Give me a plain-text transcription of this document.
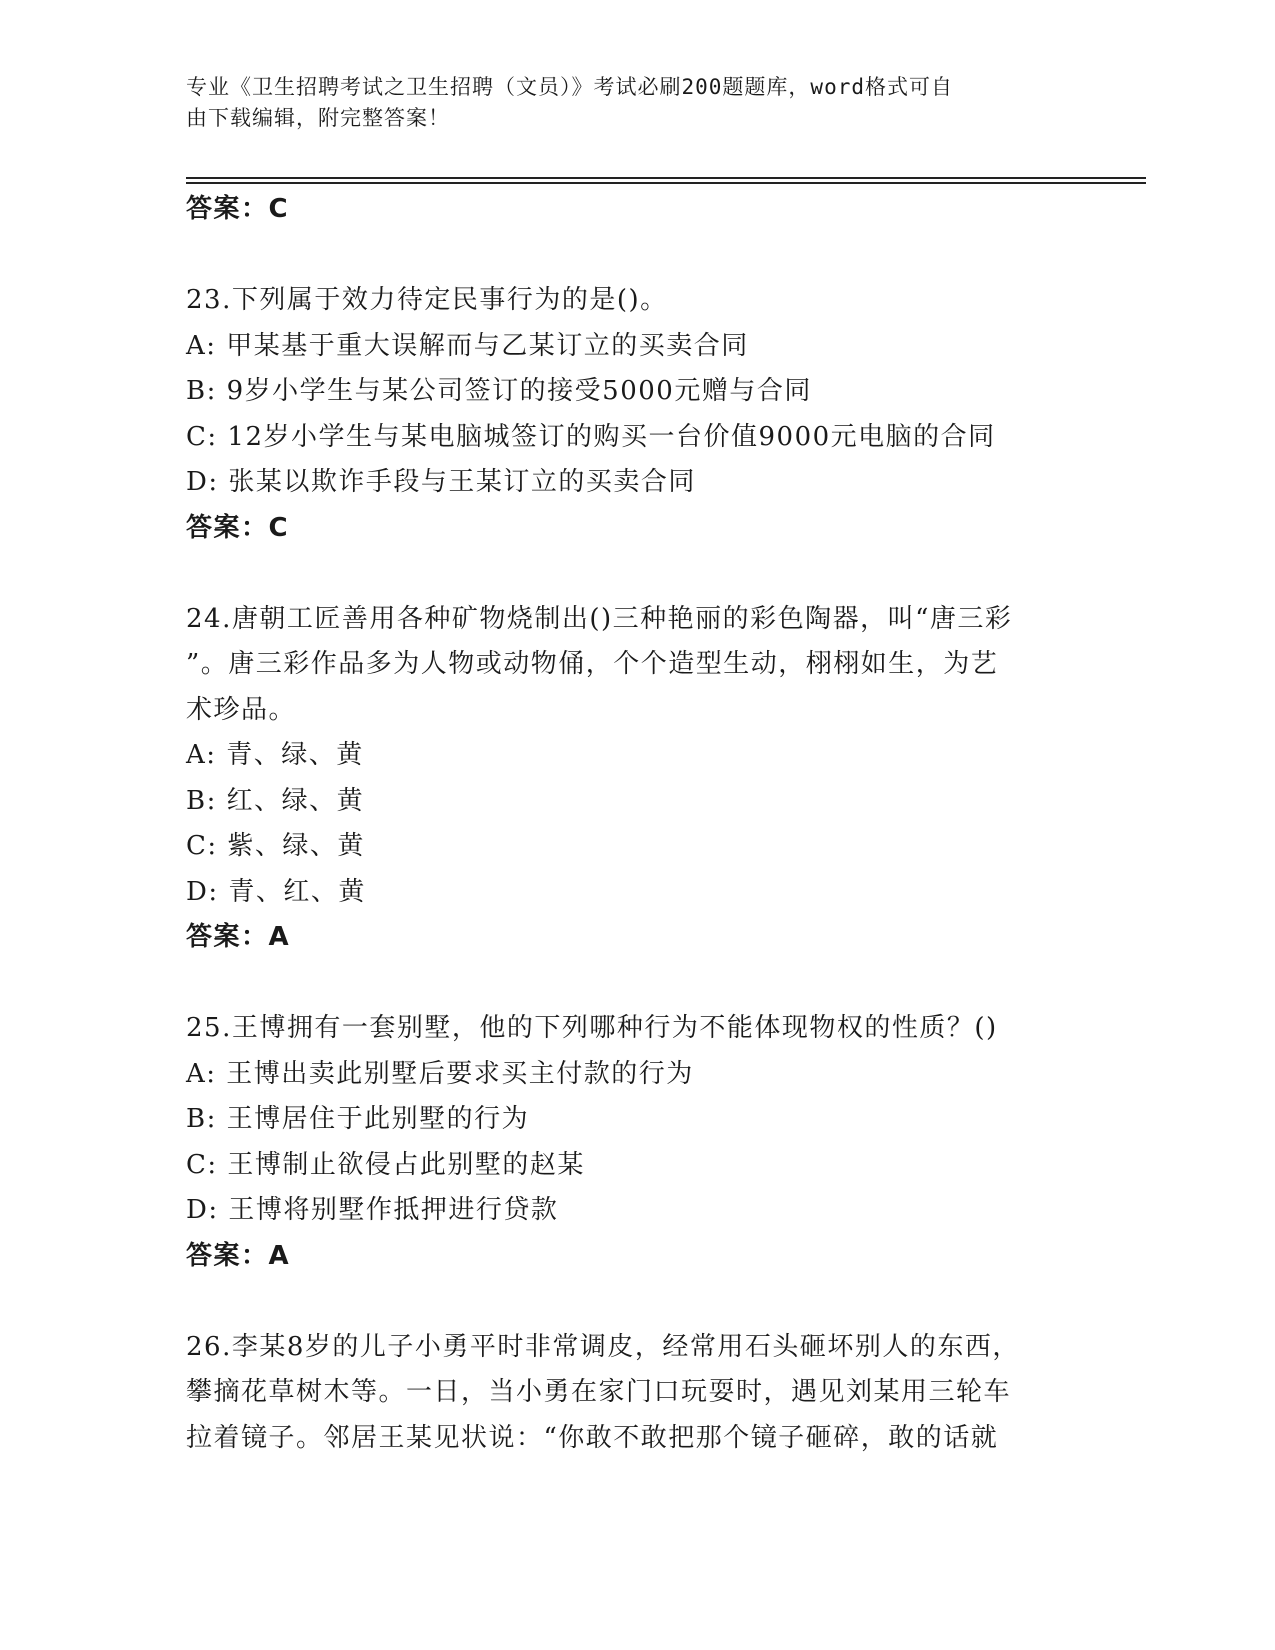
专业《卫生招聘考试之卫生招聘（文员）》考试必刷200题题库，word格式可自
由下载编辑，附完整答案！

答案：C

23.下列属于效力待定民事行为的是()。

A: 甲某基于重大误解而与乙某订立的买卖合同

B: 9岁小学生与某公司签订的接受5000元赠与合同

C: 12岁小学生与某电脑城签订的购买一台价值9000元电脑的合同

D: 张某以欺诈手段与王某订立的买卖合同

答案：C

24.唐朝工匠善用各种矿物烧制出()三种艳丽的彩色陶器，叫“唐三彩

”。唐三彩作品多为人物或动物俑，个个造型生动，栩栩如生，为艺

术珍品。

A: 青、绿、黄

B: 红、绿、黄

C: 紫、绿、黄

D: 青、红、黄

答案：A

25.王博拥有一套别墅，他的下列哪种行为不能体现物权的性质？()

A: 王博出卖此别墅后要求买主付款的行为

B: 王博居住于此别墅的行为

C: 王博制止欲侵占此别墅的赵某

D: 王博将别墅作抵押进行贷款

答案：A

26.李某8岁的儿子小勇平时非常调皮，经常用石头砸坏别人的东西，

攀摘花草树木等。一日，当小勇在家门口玩耍时，遇见刘某用三轮车

拉着镜子。邻居王某见状说：“你敢不敢把那个镜子砸碎，敢的话就
